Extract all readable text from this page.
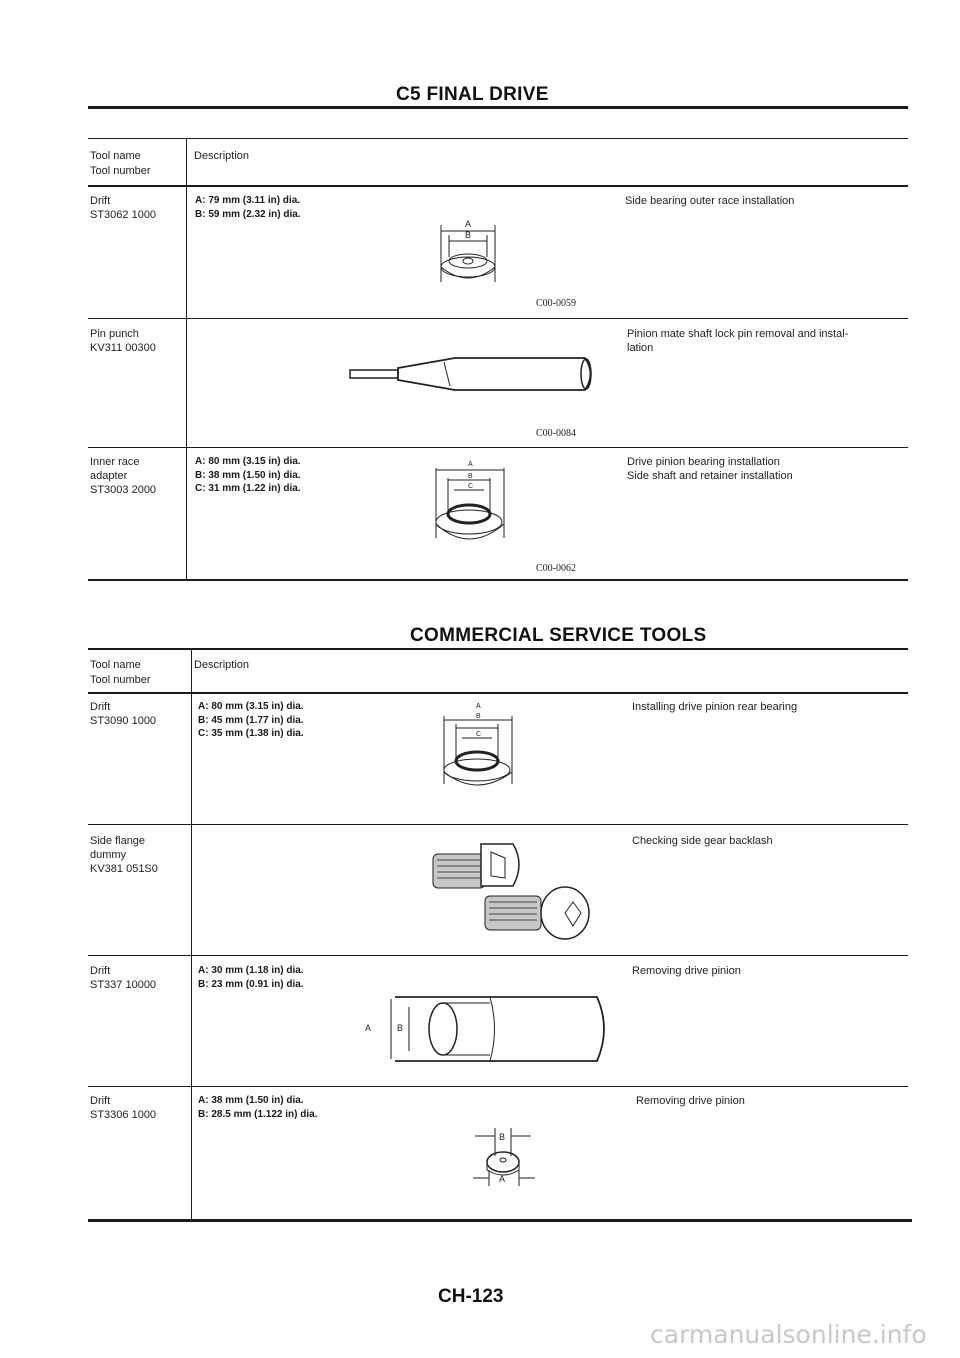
C5 FINAL DRIVE
Tool name
Tool number
Description
Drift
ST3062 1000
A: 79 mm (3.11 in) dia.
B: 59 mm (2.32 in) dia.
Side bearing outer race installation
A
B
C00-0059
Pin punch
KV311 00300
Pinion mate shaft lock pin removal and instal-
lation
C00-0084
Inner race
adapter
ST3003 2000
A: 80 mm (3.15 in) dia.
B: 38 mm (1.50 in) dia.
C: 31 mm (1.22 in) dia.
Drive pinion bearing installation
Side shaft and retainer installation
A
B
C
C00-0062
COMMERCIAL SERVICE TOOLS
Tool name
Tool number
Description
Drift
ST3090 1000
A: 80 mm (3.15 in) dia.
B: 45 mm (1.77 in) dia.
C: 35 mm (1.38 in) dia.
Installing drive pinion rear bearing
A
B
C
Side flange
dummy
KV381 051S0
Checking side gear backlash
Drift
ST337 10000
A: 30 mm (1.18 in) dia.
B: 23 mm (0.91 in) dia.
Removing drive pinion
A	B
Drift
ST3306 1000
A: 38 mm (1.50 in) dia.
B: 28.5 mm (1.122 in) dia.
Removing drive pinion
B
A
CH-123
carmanualsonline.info
